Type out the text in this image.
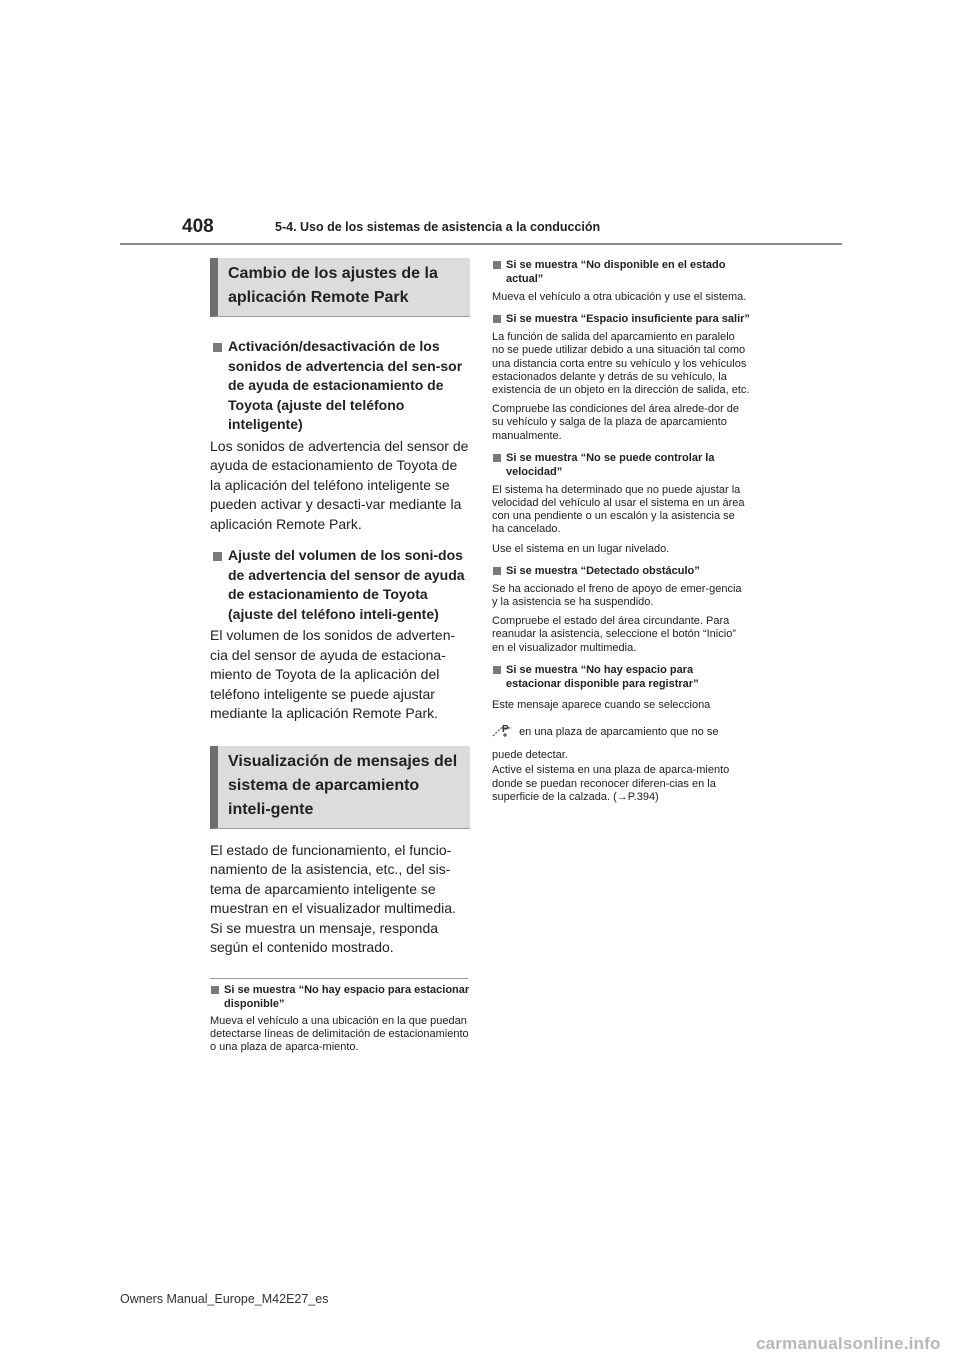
408	5-4. Uso de los sistemas de asistencia a la conducción
Cambio de los ajustes de la aplicación Remote Park
Activación/desactivación de los sonidos de advertencia del sen-sor de ayuda de estacionamiento de Toyota (ajuste del teléfono inteligente)

Los sonidos de advertencia del sensor de ayuda de estacionamiento de Toyota de la aplicación del teléfono inteligente se pueden activar y desacti-var mediante la aplicación Remote Park.

Ajuste del volumen de los soni-dos de advertencia del sensor de ayuda de estacionamiento de Toyota (ajuste del teléfono inteli-gente)

El volumen de los sonidos de adverten-cia del sensor de ayuda de estaciona-miento de Toyota de la aplicación del teléfono inteligente se puede ajustar mediante la aplicación Remote Park.

Visualización de mensajes del sistema de aparcamiento inteli-gente

El estado de funcionamiento, el funcio-namiento de la asistencia, etc., del sis-tema de aparcamiento inteligente se muestran en el visualizador multimedia. Si se muestra un mensaje, responda según el contenido mostrado.

Si se muestra “No hay espacio para estacionar disponible”

Mueva el vehículo a una ubicación en la que puedan detectarse líneas de delimitación de estacionamiento o una plaza de aparca-miento.

Si se muestra “No disponible en el estado actual”

Mueva el vehículo a otra ubicación y use el sistema.

Si se muestra “Espacio insuficiente para salir”

La función de salida del aparcamiento en paralelo no se puede utilizar debido a una situación tal como una distancia corta entre su vehículo y los vehículos estacionados delante y detrás de su vehículo, la existencia de un objeto en la dirección de salida, etc.

Compruebe las condiciones del área alrede-dor de su vehículo y salga de la plaza de aparcamiento manualmente.

Si se muestra “No se puede controlar la velocidad”

El sistema ha determinado que no puede ajustar la velocidad del vehículo al usar el sistema en un área con una pendiente o un escalón y la asistencia se ha cancelado.

Use el sistema en un lugar nivelado.

Si se muestra “Detectado obstáculo”

Se ha accionado el freno de apoyo de emer-gencia y la asistencia se ha suspendido.

Compruebe el estado del área circundante. Para reanudar la asistencia, seleccione el botón “Inicio” en el visualizador multimedia.

Si se muestra “No hay espacio para estacionar disponible para registrar”

Este mensaje aparece cuando se selecciona

P en una plaza de aparcamiento que no se

puede detectar.

Active el sistema en una plaza de aparca-miento donde se puedan reconocer diferen-cias en la superficie de la calzada. (→P.394)

Owners Manual_Europe_M42E27_es
carmanualsonline.info
